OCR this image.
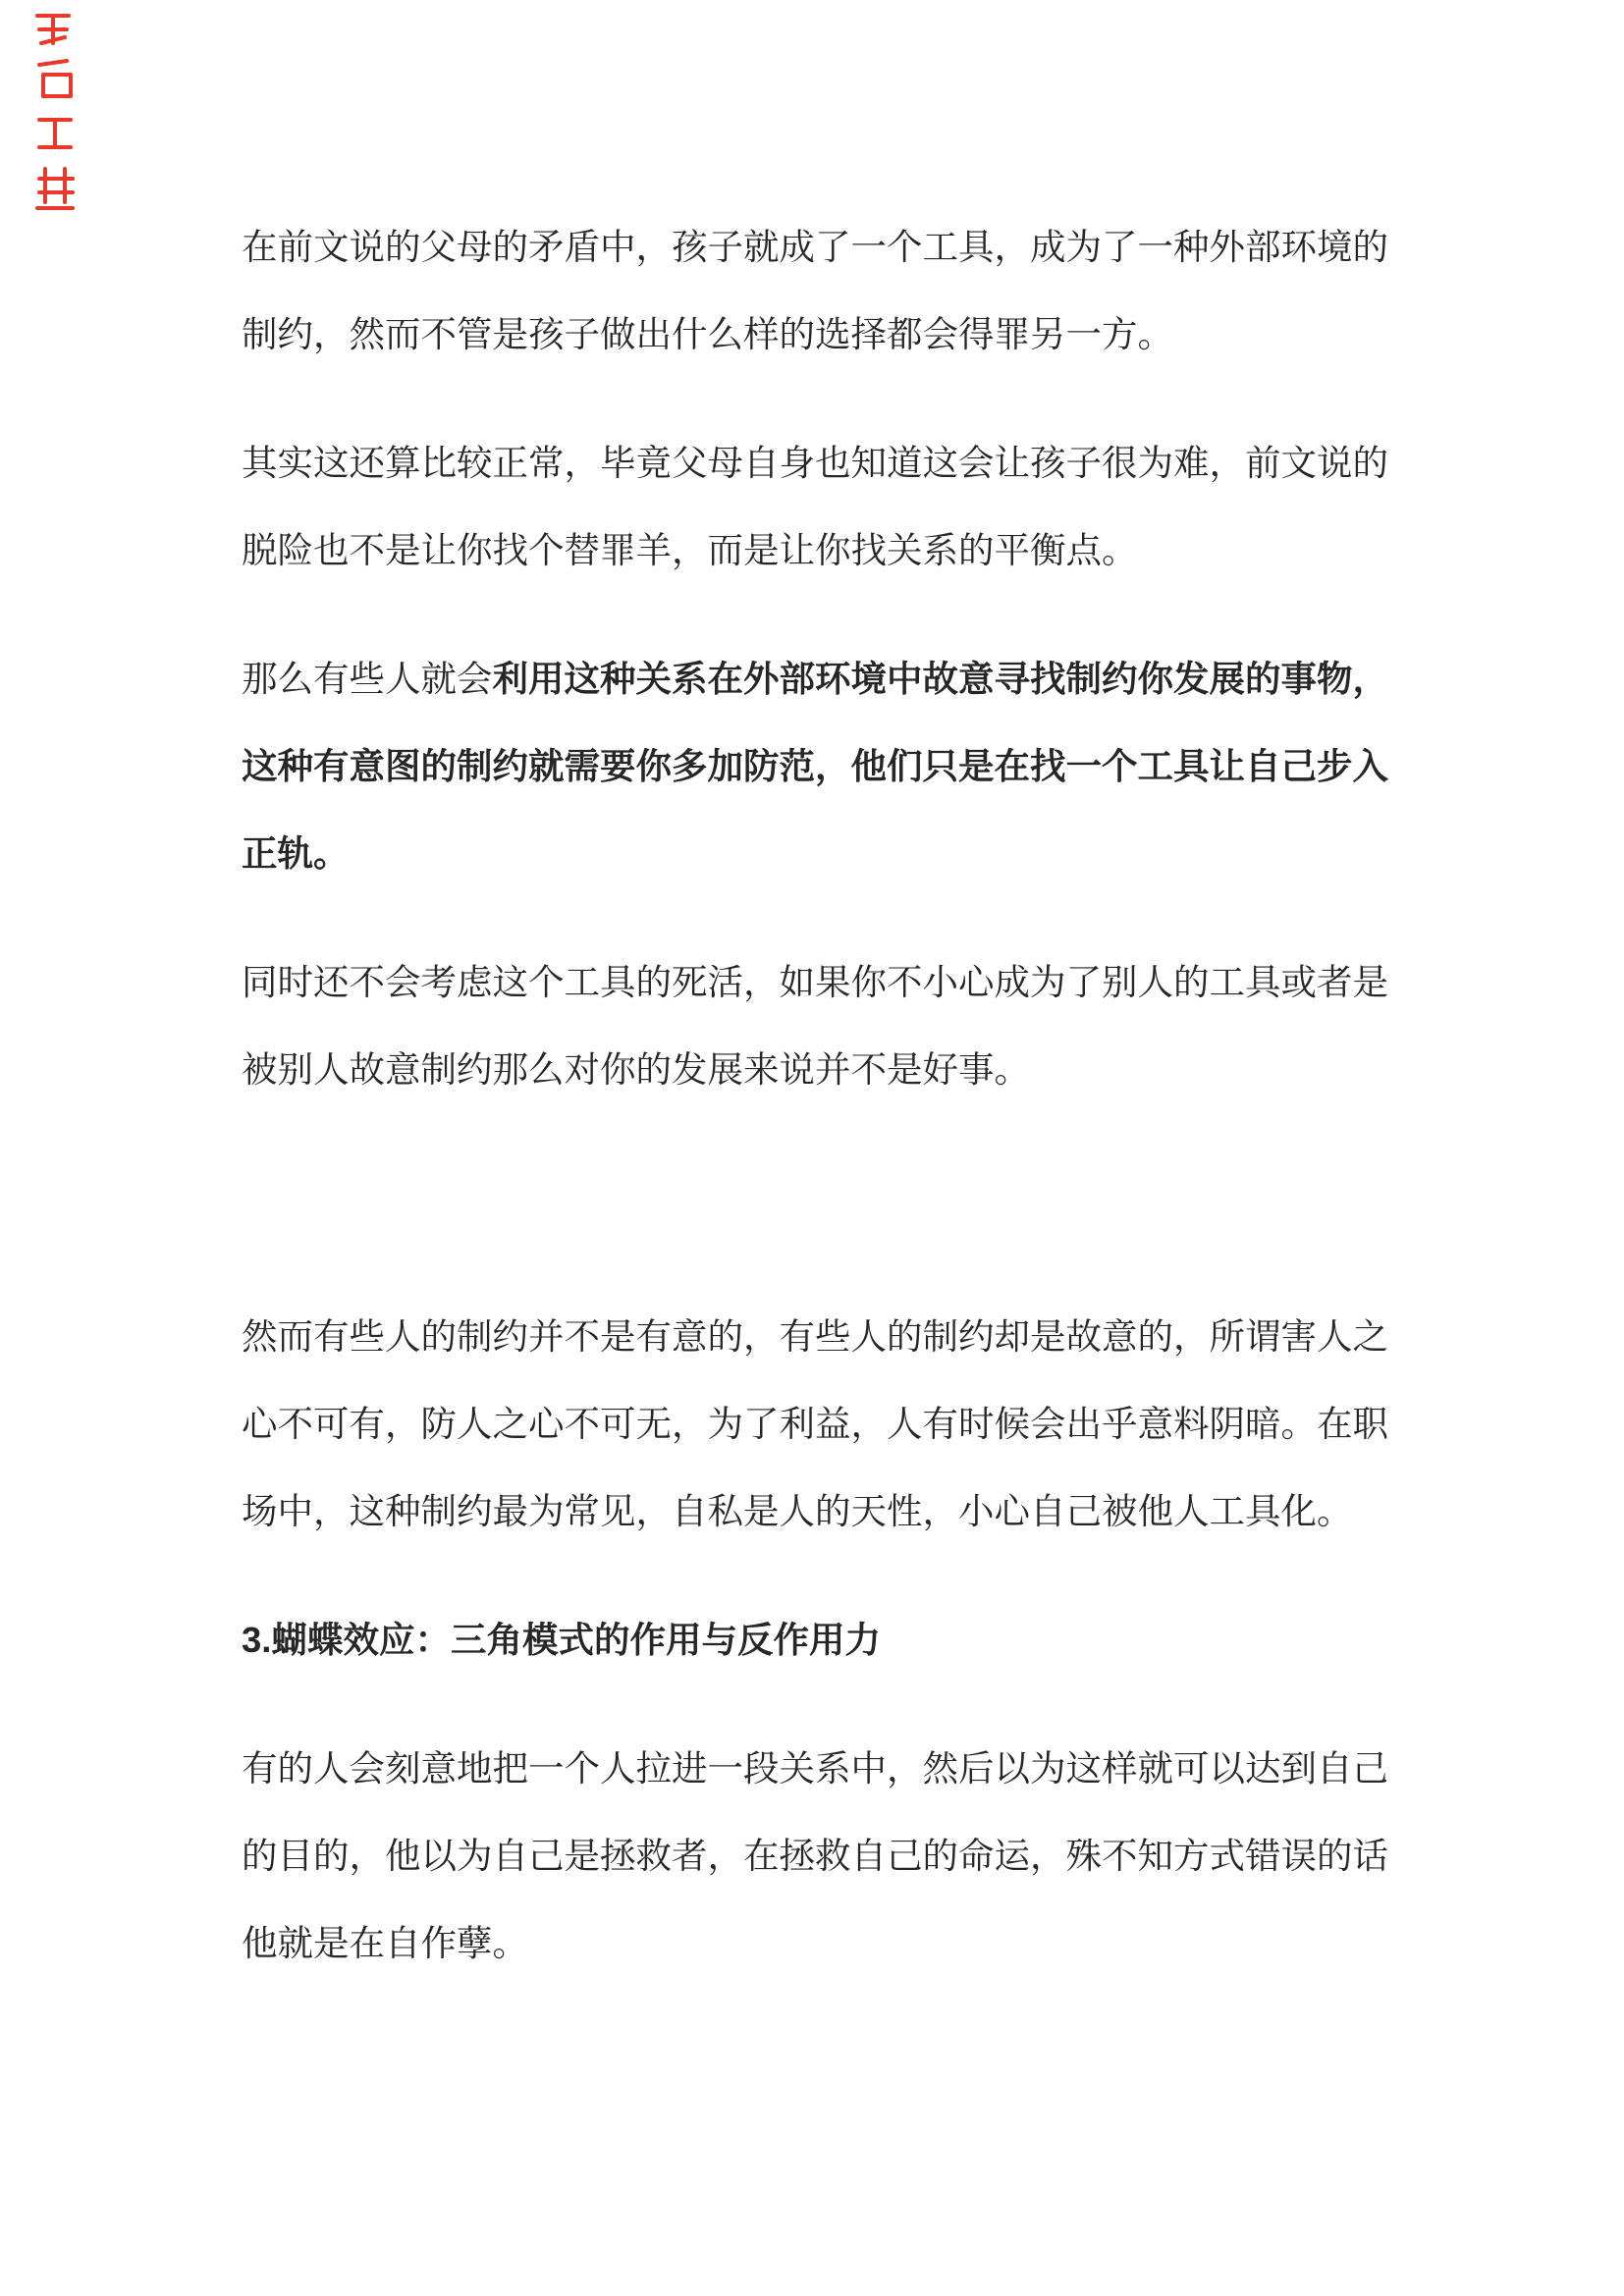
在前文说的父母的矛盾中，孩子就成了一个工具，成为了一种外部环境的
制约，然而不管是孩子做出什么样的选择都会得罪另一方。

其实这还算比较正常，毕竟父母自身也知道这会让孩子很为难，前文说的
脱险也不是让你找个替罪羊，而是让你找关系的平衡点。

那么有些人就会利用这种关系在外部环境中故意寻找制约你发展的事物，
这种有意图的制约就需要你多加防范，他们只是在找一个工具让自己步入
正轨。

同时还不会考虑这个工具的死活，如果你不小心成为了别人的工具或者是
被别人故意制约那么对你的发展来说并不是好事。

然而有些人的制约并不是有意的，有些人的制约却是故意的，所谓害人之
心不可有，防人之心不可无，为了利益，人有时候会出乎意料阴暗。在职
场中，这种制约最为常见，自私是人的天性，小心自己被他人工具化。

3.蝴蝶效应：三角模式的作用与反作用力

有的人会刻意地把一个人拉进一段关系中，然后以为这样就可以达到自己
的目的，他以为自己是拯救者，在拯救自己的命运，殊不知方式错误的话
他就是在自作孽。
